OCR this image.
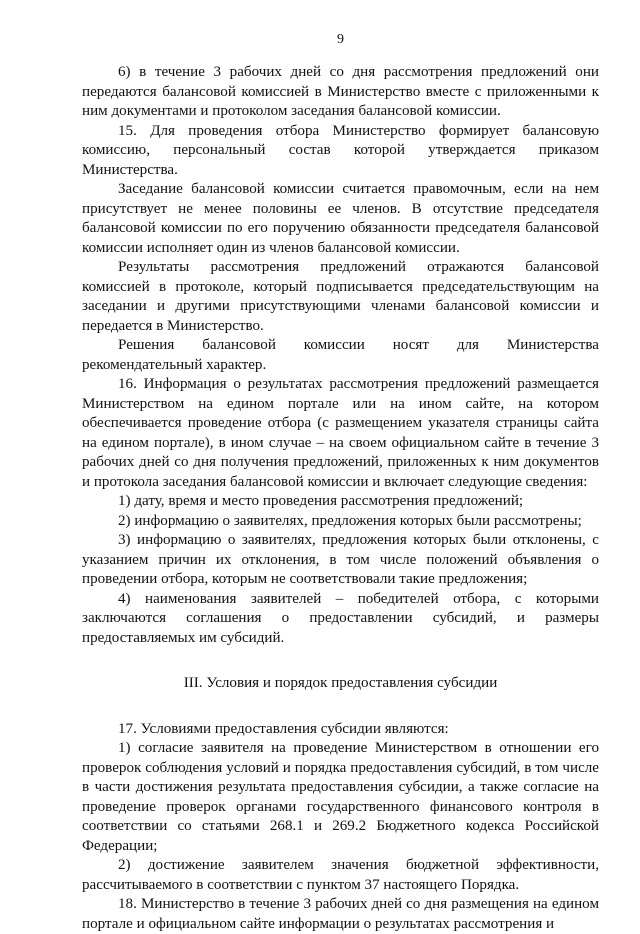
9

6) в течение 3 рабочих дней со дня рассмотрения предложений они передаются балансовой комиссией в Министерство вместе с приложенными к ним документами и протоколом заседания балансовой комиссии.

15. Для проведения отбора Министерство формирует балансовую комиссию, персональный состав которой утверждается приказом Министерства.

Заседание балансовой комиссии считается правомочным, если на нем присутствует не менее половины ее членов. В отсутствие председателя балансовой комиссии по его поручению обязанности председателя балансовой комиссии исполняет один из членов балансовой комиссии.

Результаты рассмотрения предложений отражаются балансовой комиссией в протоколе, который подписывается председательствующим на заседании и другими присутствующими членами балансовой комиссии и передается в Министерство.

Решения балансовой комиссии носят для Министерства рекомендательный характер.

16. Информация о результатах рассмотрения предложений размещается Министерством на едином портале или на ином сайте, на котором обеспечивается проведение отбора (с размещением указателя страницы сайта на едином портале), в ином случае – на своем официальном сайте в течение 3 рабочих дней со дня получения предложений, приложенных к ним документов и протокола заседания балансовой комиссии и включает следующие сведения:

1) дату, время и место проведения рассмотрения предложений;

2) информацию о заявителях, предложения которых были рассмотрены;

3) информацию о заявителях, предложения которых были отклонены, с указанием причин их отклонения, в том числе положений объявления о проведении отбора, которым не соответствовали такие предложения;

4) наименования заявителей – победителей отбора, с которыми заключаются соглашения о предоставлении субсидий, и размеры предоставляемых им субсидий.

III. Условия и порядок предоставления субсидии

17. Условиями предоставления субсидии являются:

1) согласие заявителя на проведение Министерством в отношении его проверок соблюдения условий и порядка предоставления субсидий, в том числе в части достижения результата предоставления субсидии, а также согласие на проведение проверок органами государственного финансового контроля в соответствии со статьями 268.1 и 269.2 Бюджетного кодекса Российской Федерации;

2) достижение заявителем значения бюджетной эффективности, рассчитываемого в соответствии с пунктом 37 настоящего Порядка.

18. Министерство в течение 3 рабочих дней со дня размещения на едином портале и официальном сайте информации о результатах рассмотрения и
